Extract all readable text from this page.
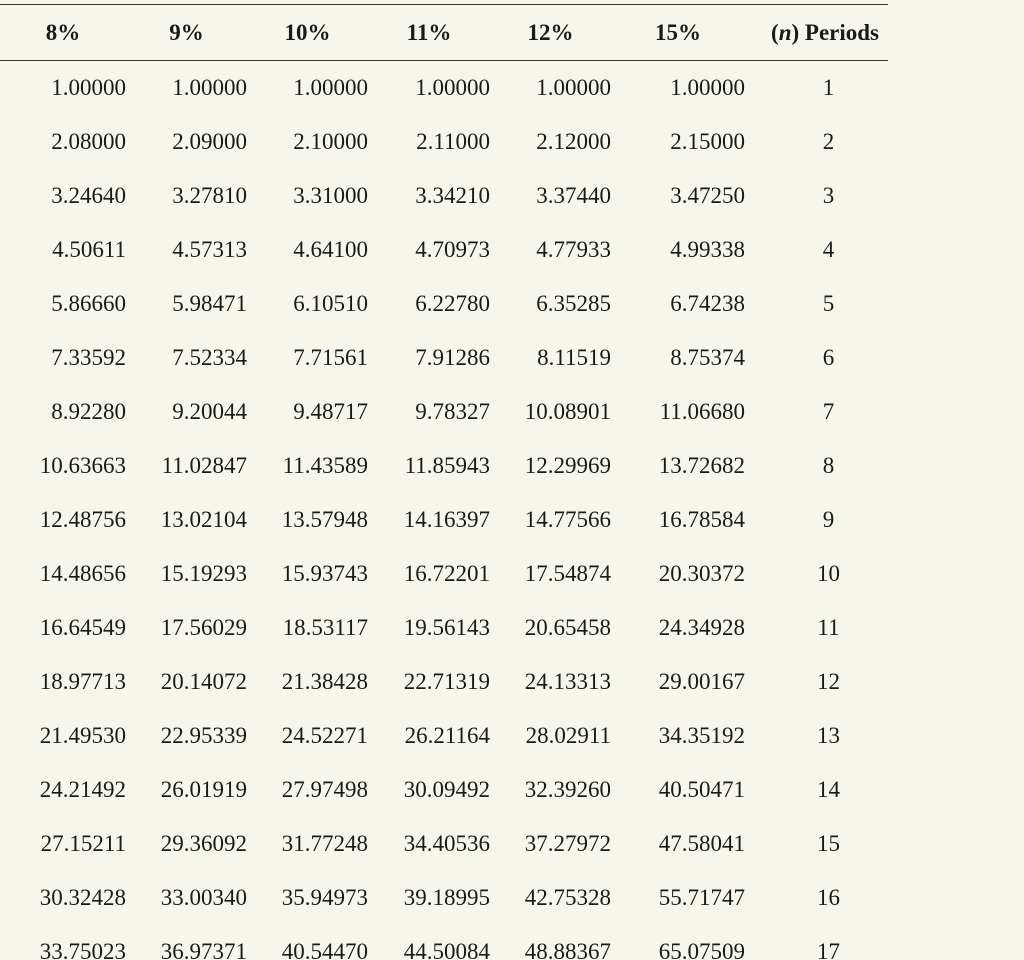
8%	9%	10%	11%	12%	15%	(n) Periods
1.00000	1.00000	1.00000	1.00000	1.00000	1.00000	1
2.08000	2.09000	2.10000	2.11000	2.12000	2.15000	2
3.24640	3.27810	3.31000	3.34210	3.37440	3.47250	3
4.50611	4.57313	4.64100	4.70973	4.77933	4.99338	4
5.86660	5.98471	6.10510	6.22780	6.35285	6.74238	5
7.33592	7.52334	7.71561	7.91286	8.11519	8.75374	6
8.92280	9.20044	9.48717	9.78327	10.08901	11.06680	7
10.63663	11.02847	11.43589	11.85943	12.29969	13.72682	8
12.48756	13.02104	13.57948	14.16397	14.77566	16.78584	9
14.48656	15.19293	15.93743	16.72201	17.54874	20.30372	10
16.64549	17.56029	18.53117	19.56143	20.65458	24.34928	11
18.97713	20.14072	21.38428	22.71319	24.13313	29.00167	12
21.49530	22.95339	24.52271	26.21164	28.02911	34.35192	13
24.21492	26.01919	27.97498	30.09492	32.39260	40.50471	14
27.15211	29.36092	31.77248	34.40536	37.27972	47.58041	15
30.32428	33.00340	35.94973	39.18995	42.75328	55.71747	16
33.75023	36.97371	40.54470	44.50084	48.88367	65.07509	17
